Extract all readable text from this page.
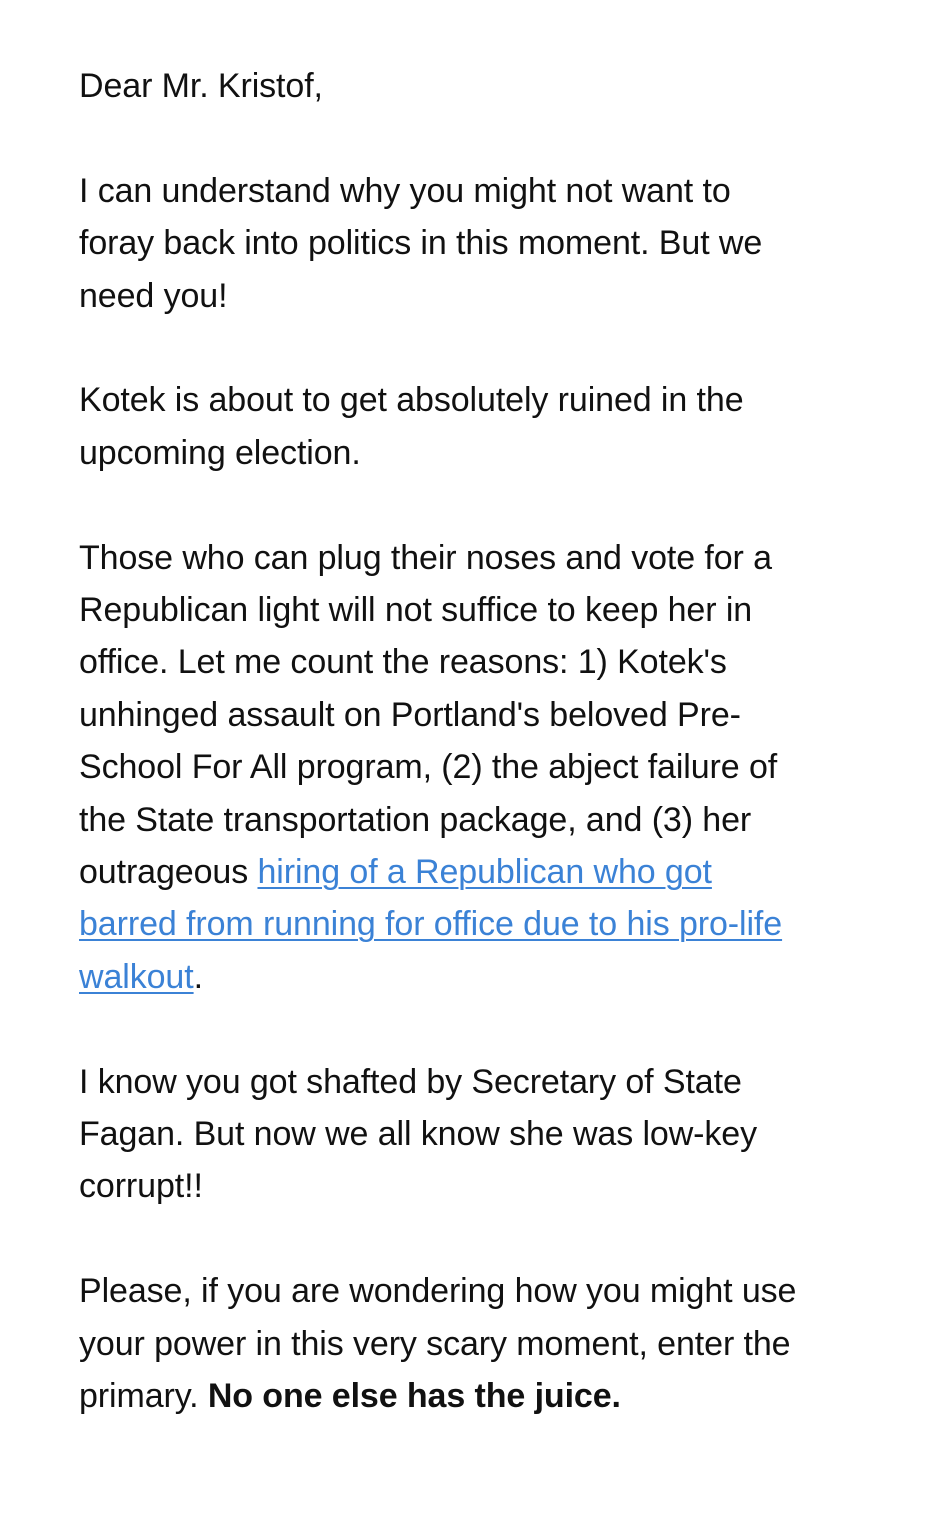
Dear Mr. Kristof,

I can understand why you might not want to foray back into politics in this moment. But we need you!

Kotek is about to get absolutely ruined in the upcoming election.

Those who can plug their noses and vote for a Republican light will not suffice to keep her in office. Let me count the reasons: 1) Kotek's unhinged assault on Portland's beloved Pre-School For All program, (2) the abject failure of the State transportation package, and (3) her outrageous hiring of a Republican who got barred from running for office due to his pro-life walkout.

I know you got shafted by Secretary of State Fagan. But now we all know she was low-key corrupt!!

Please, if you are wondering how you might use your power in this very scary moment, enter the primary. No one else has the juice.
